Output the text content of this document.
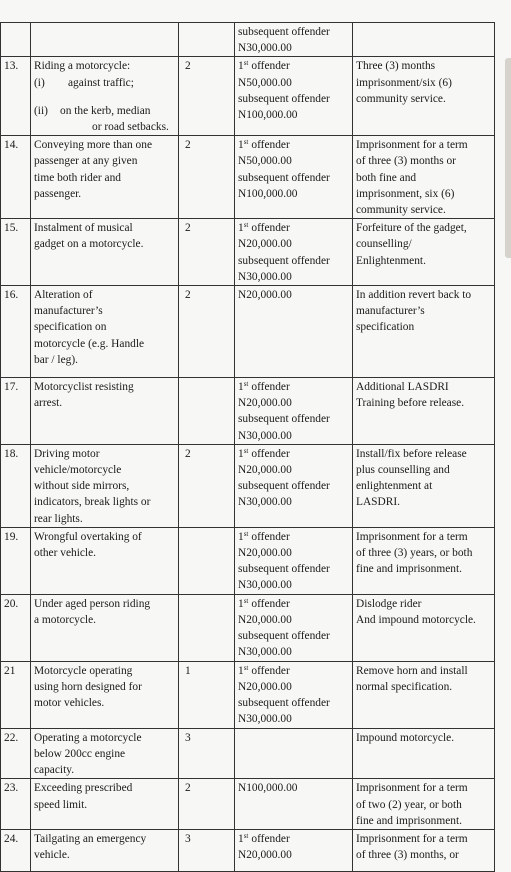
			subsequent offender
N30,000.00	

13.	Riding a motorcycle:
(i) against traffic;
(ii) on the kerb, median
or road setbacks.	2	1st offender
N50,000.00
subsequent offender
N100,000.00	Three (3) months
imprisonment/six (6)
community service.

14.	Conveying more than one
passenger at any given
time both rider and
passenger.	2	1st offender
N50,000.00
subsequent offender
N100,000.00	Imprisonment for a term
of three (3) months or
both fine and
imprisonment, six (6)
community service.

15.	Instalment of musical
gadget on a motorcycle.	2	1st offender
N20,000.00
subsequent offender
N30,000.00	Forfeiture of the gadget,
counselling/
Enlightenment.

16.	Alteration of
manufacturer’s
specification on
motorcycle (e.g. Handle
bar / leg).	2	N20,000.00	In addition revert back to
manufacturer’s
specification

17.	Motorcyclist resisting
arrest.		1st offender
N20,000.00
subsequent offender
N30,000.00	Additional LASDRI
Training before release.

18.	Driving motor
vehicle/motorcycle
without side mirrors,
indicators, break lights or
rear lights.	2	1st offender
N20,000.00
subsequent offender
N30,000.00	Install/fix before release
plus counselling and
enlightenment at
LASDRI.

19.	Wrongful overtaking of
other vehicle.		1st offender
N20,000.00
subsequent offender
N30,000.00	Imprisonment for a term
of three (3) years, or both
fine and imprisonment.

20.	Under aged person riding
a motorcycle.		1st offender
N20,000.00
subsequent offender
N30,000.00	Dislodge rider
And impound motorcycle.

21	Motorcycle operating
using horn designed for
motor vehicles.	1	1st offender
N20,000.00
subsequent offender
N30,000.00	Remove horn and install
normal specification.

22.	Operating a motorcycle
below 200cc engine
capacity.	3		Impound motorcycle.

23.	Exceeding prescribed
speed limit.	2	N100,000.00	Imprisonment for a term
of two (2) year, or both
fine and imprisonment.

24.	Tailgating an emergency
vehicle.	3	1st offender
N20,000.00	Imprisonment for a term
of three (3) months, or
